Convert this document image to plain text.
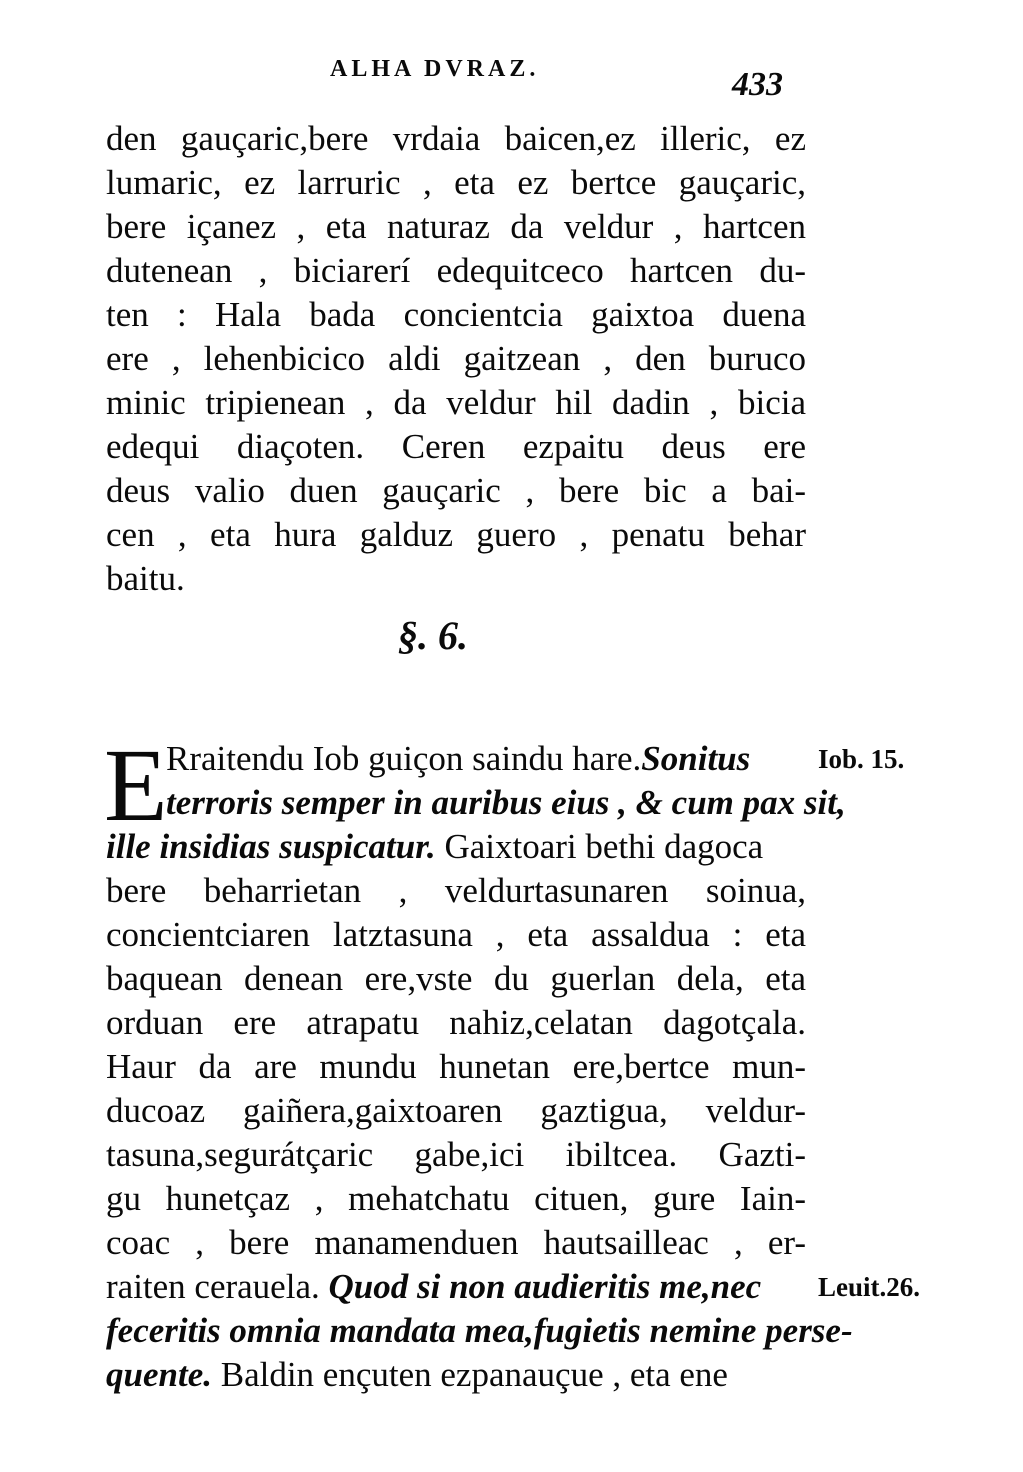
ALHA DVRAZ.	433
den gauçaric,bere vrdaia baicen,ez illeric, ez
lumaric, ez larruric , eta ez bertce gauçaric,
bere içanez , eta naturaz da veldur , hartcen
dutenean , biciarerí edequitceco hartcen du-
ten : Hala bada concientcia gaixtoa duena
ere , lehenbicico aldi gaitzean , den buruco
minic tripienean , da veldur hil dadin , bicia
edequi diaçoten. Ceren ezpaitu deus ere
deus valio duen gauçaric , bere bic a bai-
cen , eta hura galduz guero , penatu behar
baitu.
§. 6.
E
Rraitendu Iob guiçon saindu hare.Sonitus
terroris semper in auribus eius , & cum pax sit,
ille insidias suspicatur. Gaixtoari bethi dagoca
bere beharrietan , veldurtasunaren soinua,
concientciaren latztasuna , eta assaldua : eta
baquean denean ere,vste du guerlan dela, eta
orduan ere atrapatu nahiz,celatan dagotçala.
Haur da are mundu hunetan ere,bertce mun-
ducoaz gaiñera,gaixtoaren gaztigua, veldur-
tasuna,segurátçaric gabe,ici ibiltcea. Gazti-
gu hunetçaz , mehatchatu cituen, gure Iain-
coac , bere manamenduen hautsailleac , er-
raiten cerauela. Quod si non audieritis me,nec
feceritis omnia mandata mea,fugietis nemine perse-
quente. Baldin ençuten ezpanauçue , eta ene
Iob. 15.
Leuit.26.
